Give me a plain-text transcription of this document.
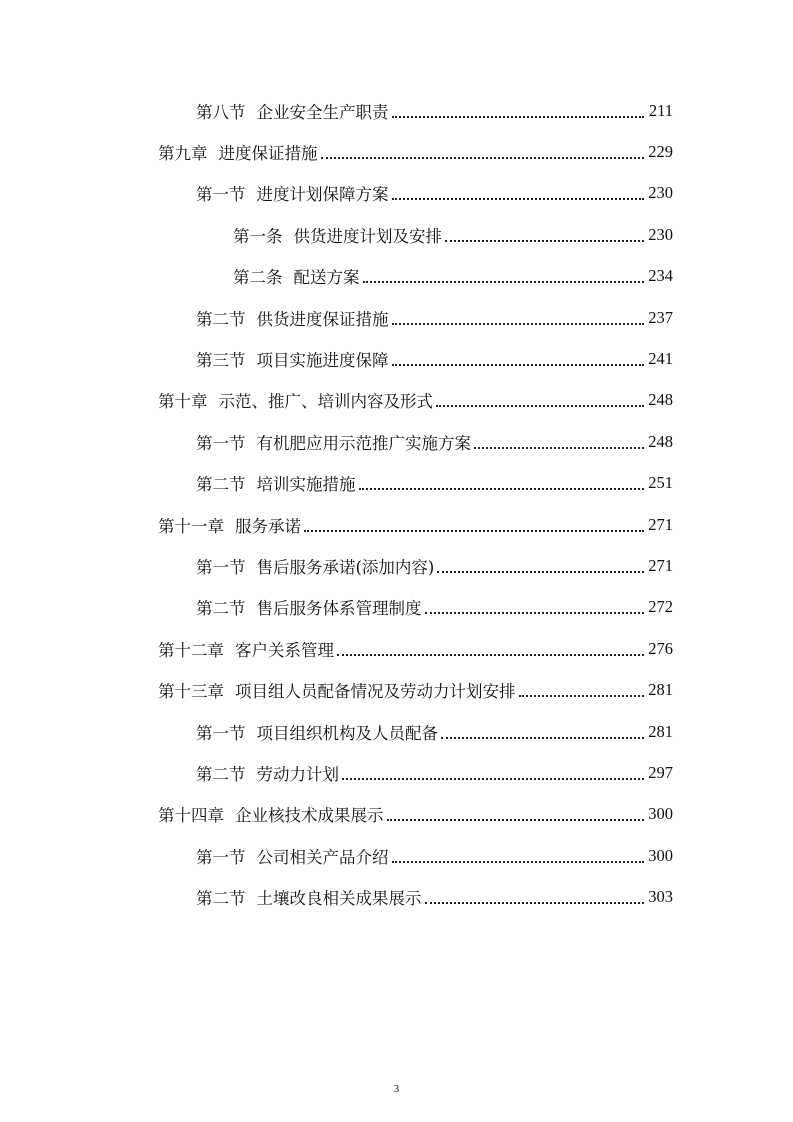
第八节 企业安全生产职责	211
第九章 进度保证措施	229
第一节 进度计划保障方案	230
第一条 供货进度计划及安排	230
第二条 配送方案	234
第二节 供货进度保证措施	237
第三节 项目实施进度保障	241
第十章 示范、推广、培训内容及形式	248
第一节 有机肥应用示范推广实施方案	248
第二节 培训实施措施	251
第十一章 服务承诺	271
第一节 售后服务承诺(添加内容)	271
第二节 售后服务体系管理制度	272
第十二章 客户关系管理	276
第十三章 项目组人员配备情况及劳动力计划安排	281
第一节 项目组织机构及人员配备	281
第二节 劳动力计划	297
第十四章 企业核技术成果展示	300
第一节 公司相关产品介绍	300
第二节 土壤改良相关成果展示	303
3
